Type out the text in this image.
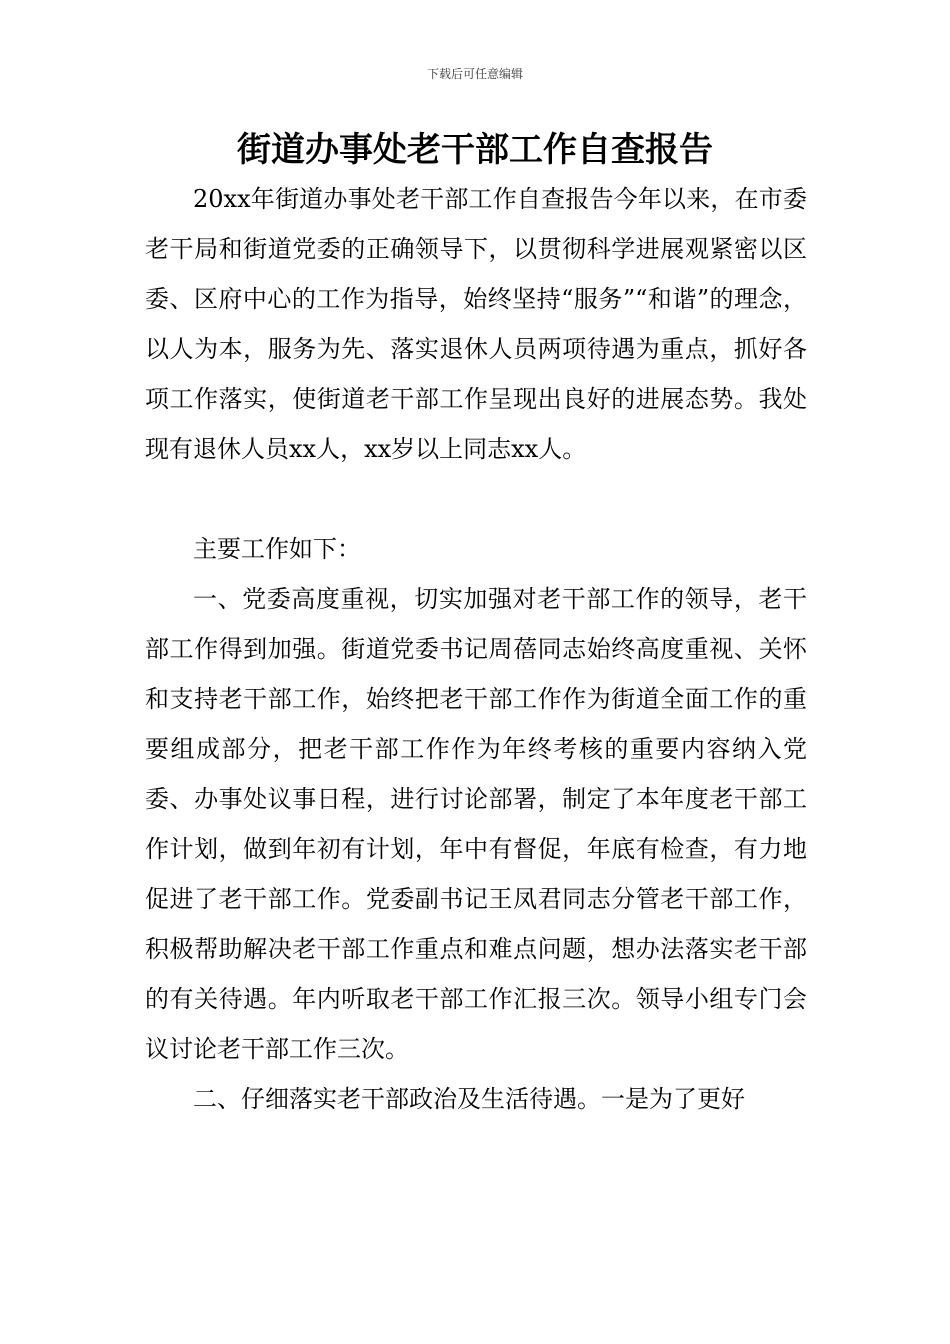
下载后可任意编辑
街道办事处老干部工作自查报告

20xx年街道办事处老干部工作自查报告今年以来，在市委老干局和街道党委的正确领导下，以贯彻科学进展观紧密以区委、区府中心的工作为指导，始终坚持“服务”“和谐”的理念，以人为本，服务为先、落实退休人员两项待遇为重点，抓好各项工作落实，使街道老干部工作呈现出良好的进展态势。我处现有退休人员xx人，xx岁以上同志xx人。

主要工作如下：

一、党委高度重视，切实加强对老干部工作的领导，老干部工作得到加强。街道党委书记周蓓同志始终高度重视、关怀和支持老干部工作，始终把老干部工作作为街道全面工作的重要组成部分，把老干部工作作为年终考核的重要内容纳入党委、办事处议事日程，进行讨论部署，制定了本年度老干部工作计划，做到年初有计划，年中有督促，年底有检查，有力地促进了老干部工作。党委副书记王凤君同志分管老干部工作，积极帮助解决老干部工作重点和难点问题，想办法落实老干部的有关待遇。年内听取老干部工作汇报三次。领导小组专门会议讨论老干部工作三次。

二、仔细落实老干部政治及生活待遇。一是为了更好
